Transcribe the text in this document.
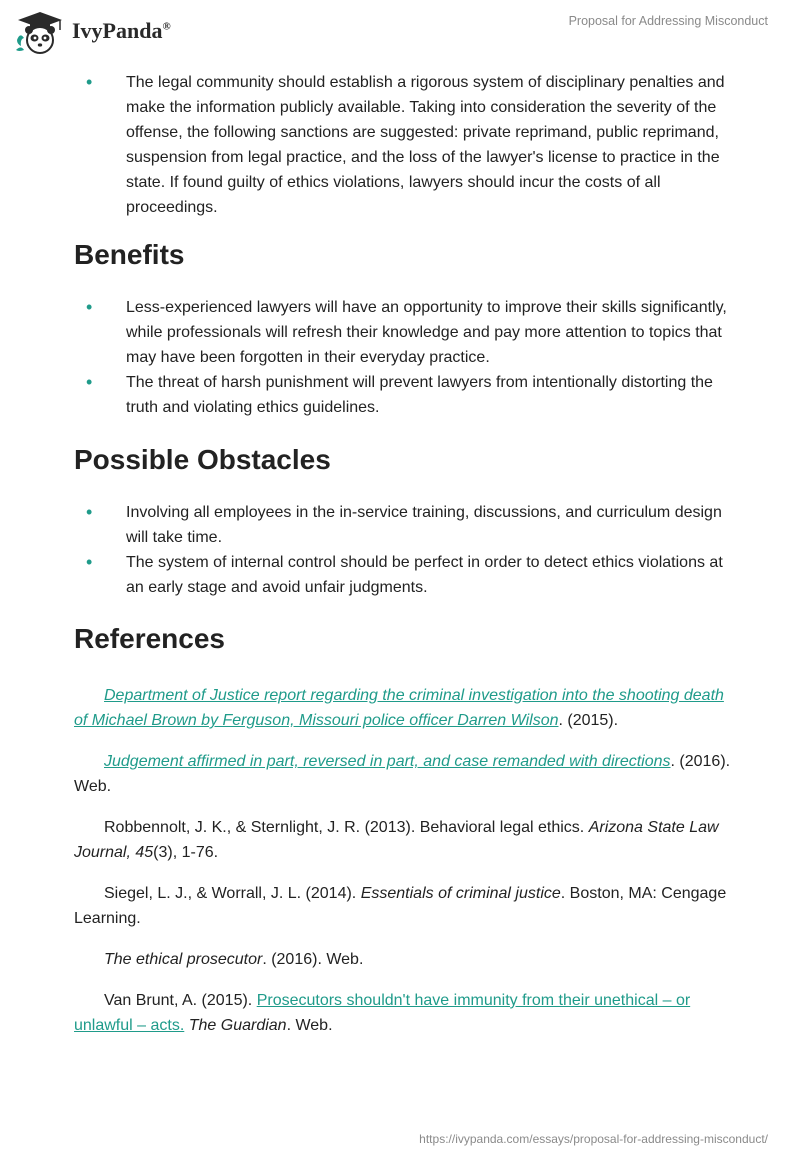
IvyPanda®	Proposal for Addressing Misconduct
• The legal community should establish a rigorous system of disciplinary penalties and make the information publicly available. Taking into consideration the severity of the offense, the following sanctions are suggested: private reprimand, public reprimand, suspension from legal practice, and the loss of the lawyer's license to practice in the state. If found guilty of ethics violations, lawyers should incur the costs of all proceedings.
Benefits
• Less-experienced lawyers will have an opportunity to improve their skills significantly, while professionals will refresh their knowledge and pay more attention to topics that may have been forgotten in their everyday practice.
• The threat of harsh punishment will prevent lawyers from intentionally distorting the truth and violating ethics guidelines.
Possible Obstacles
• Involving all employees in the in-service training, discussions, and curriculum design will take time.
• The system of internal control should be perfect in order to detect ethics violations at an early stage and avoid unfair judgments.
References

Department of Justice report regarding the criminal investigation into the shooting death of Michael Brown by Ferguson, Missouri police officer Darren Wilson. (2015).

Judgement affirmed in part, reversed in part, and case remanded with directions. (2016). Web.

Robbennolt, J. K., & Sternlight, J. R. (2013). Behavioral legal ethics. Arizona State Law Journal, 45(3), 1-76.

Siegel, L. J., & Worrall, J. L. (2014). Essentials of criminal justice. Boston, MA: Cengage Learning.

The ethical prosecutor. (2016). Web.

Van Brunt, A. (2015). Prosecutors shouldn't have immunity from their unethical – or unlawful – acts. The Guardian. Web.

https://ivypanda.com/essays/proposal-for-addressing-misconduct/
